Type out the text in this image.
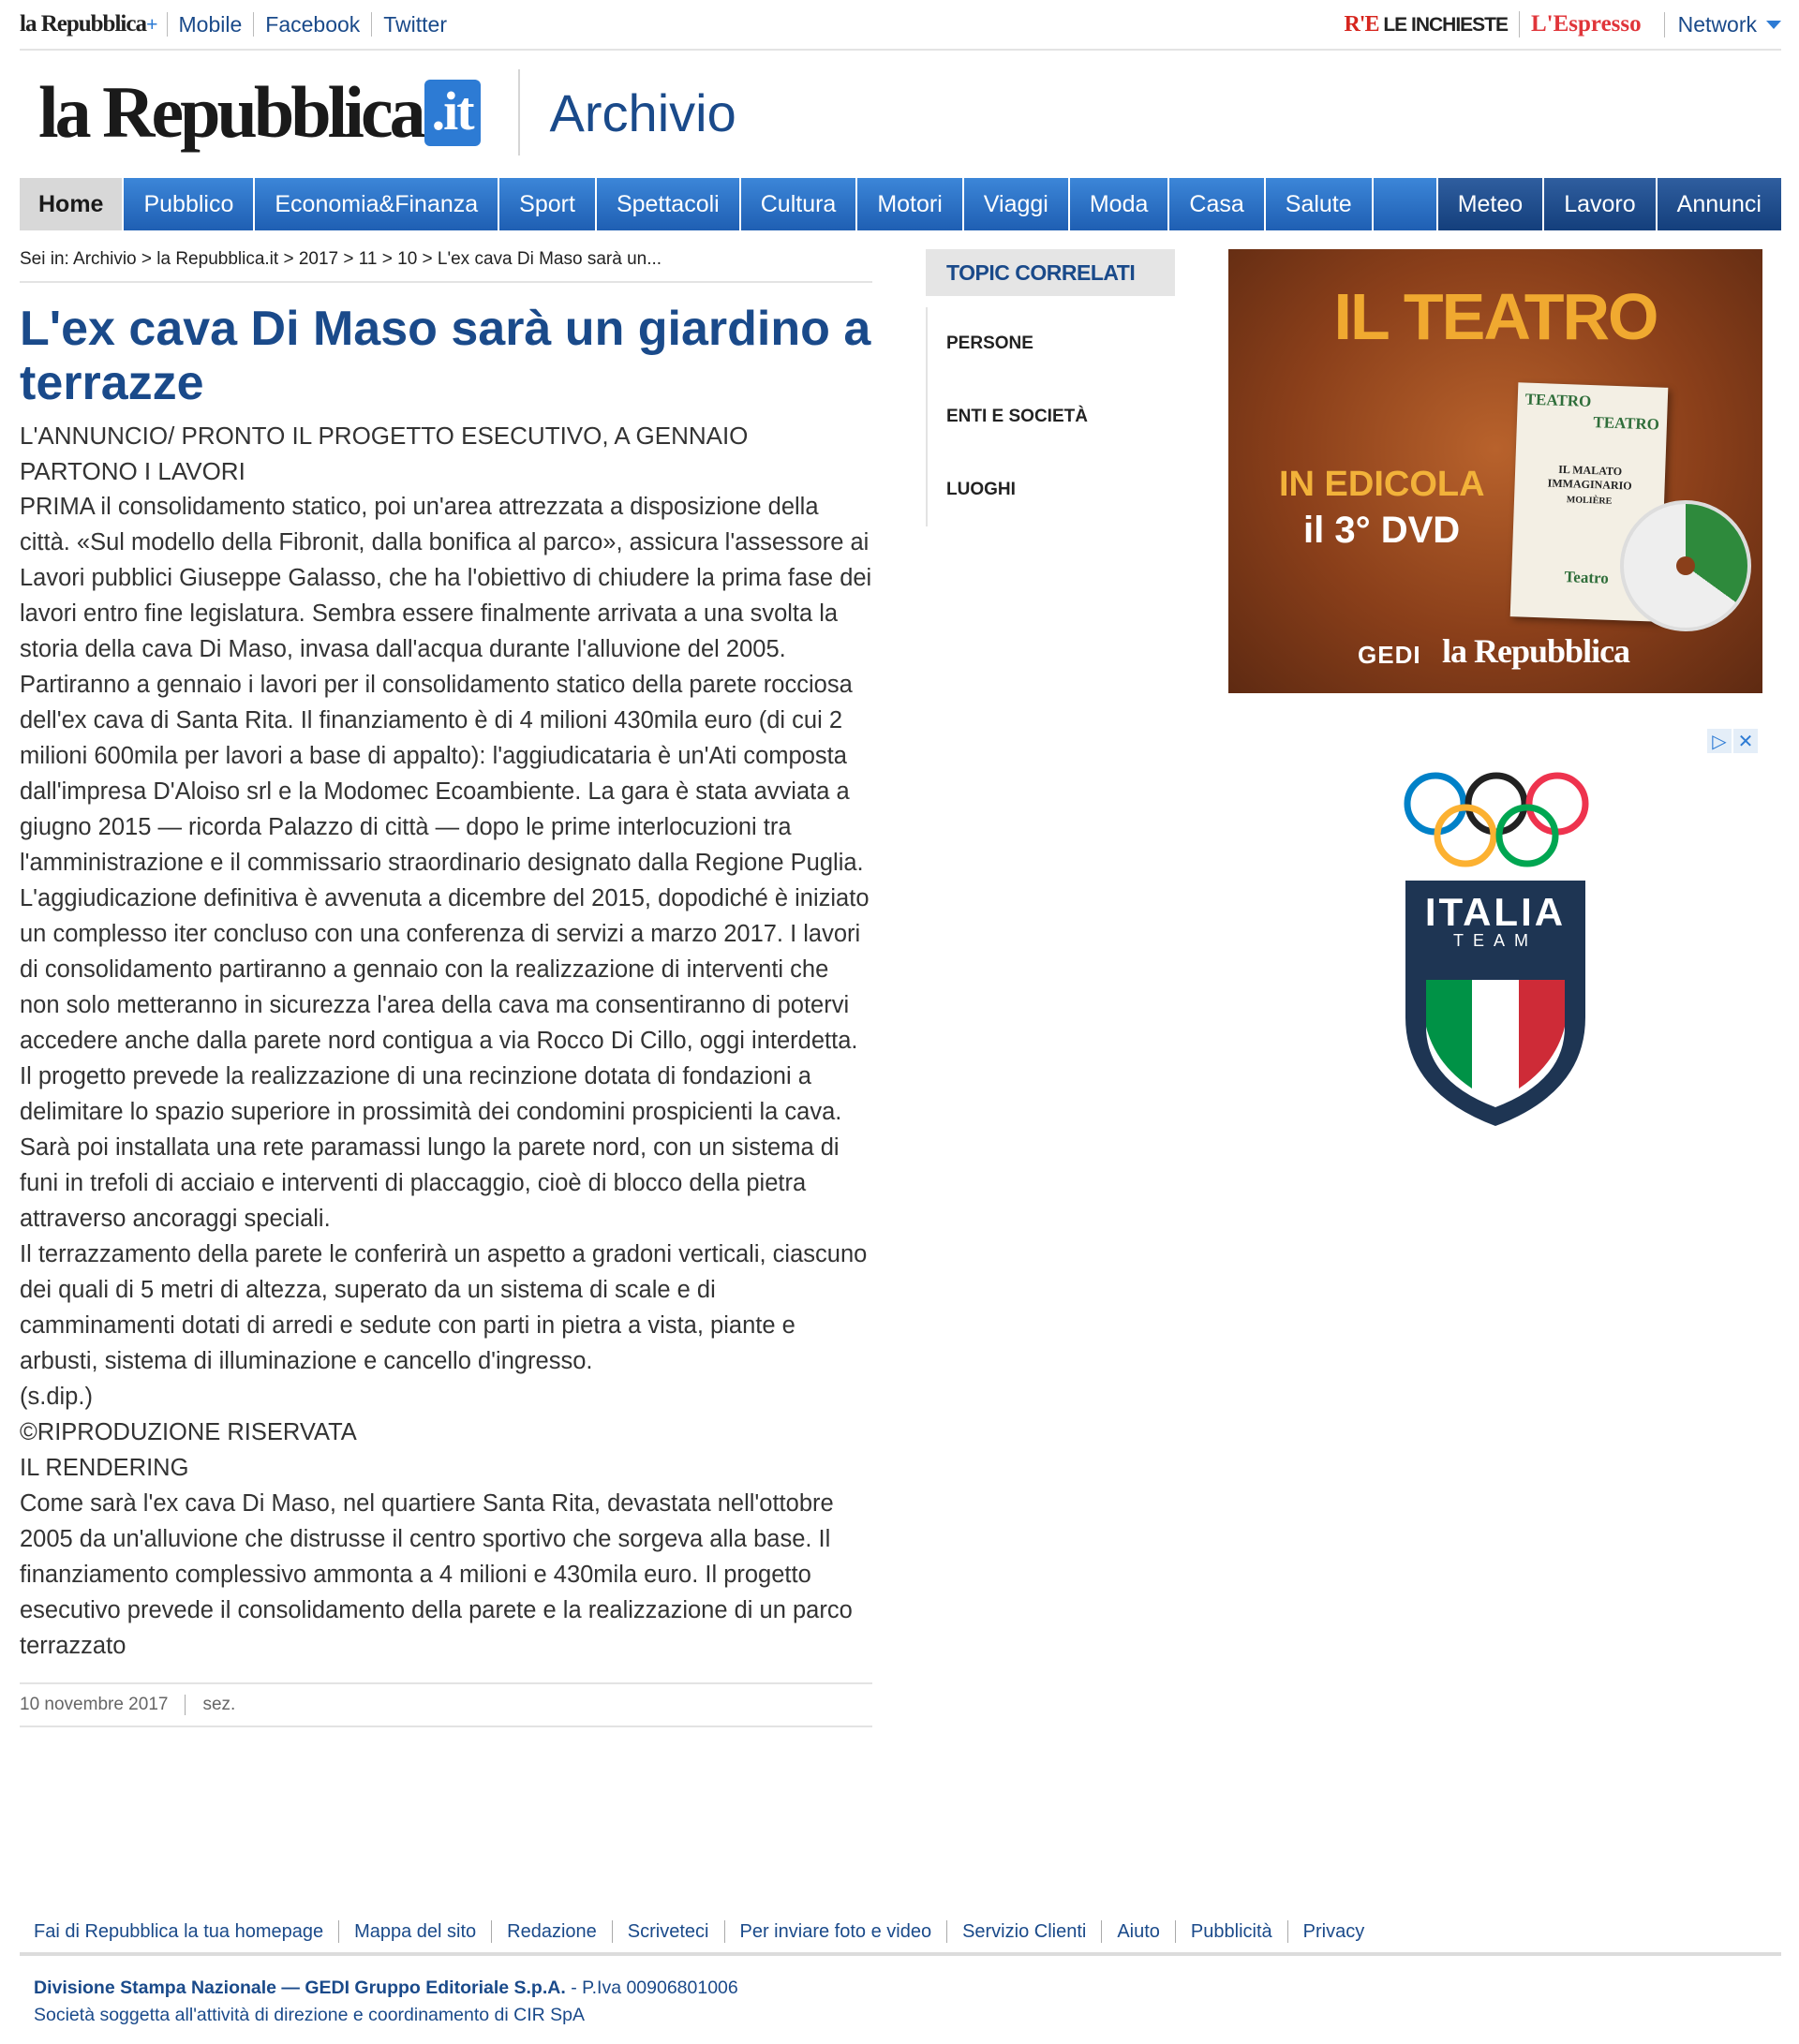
la Repubblica+	Mobile	Facebook	Twitter	R'E LE INCHIESTE	L'Espresso	Network
la Repubblica .it Archivio
Home	Pubblico	Economia&Finanza	Sport	Spettacoli	Cultura	Motori	Viaggi	Moda	Casa	Salute	Meteo	Lavoro	Annunci
Sei in: Archivio > la Repubblica.it > 2017 > 11 > 10 > L'ex cava Di Maso sarà un...
L'ex cava Di Maso sarà un giardino a terrazze
L'ANNUNCIO/ PRONTO IL PROGETTO ESECUTIVO, A GENNAIO PARTONO I LAVORI

PRIMA il consolidamento statico, poi un'area attrezzata a disposizione della città. «Sul modello della Fibronit, dalla bonifica al parco», assicura l'assessore ai Lavori pubblici Giuseppe Galasso, che ha l'obiettivo di chiudere la prima fase dei lavori entro fine legislatura. Sembra essere finalmente arrivata a una svolta la storia della cava Di Maso, invasa dall'acqua durante l'alluvione del 2005.

Partiranno a gennaio i lavori per il consolidamento statico della parete rocciosa dell'ex cava di Santa Rita. Il finanziamento è di 4 milioni 430mila euro (di cui 2 milioni 600mila per lavori a base di appalto): l'aggiudicataria è un'Ati composta dall'impresa D'Aloiso srl e la Modomec Ecoambiente. La gara è stata avviata a giugno 2015 — ricorda Palazzo di città — dopo le prime interlocuzioni tra l'amministrazione e il commissario straordinario designato dalla Regione Puglia. L'aggiudicazione definitiva è avvenuta a dicembre del 2015, dopodiché è iniziato un complesso iter concluso con una conferenza di servizi a marzo 2017. I lavori di consolidamento partiranno a gennaio con la realizzazione di interventi che non solo metteranno in sicurezza l'area della cava ma consentiranno di potervi accedere anche dalla parete nord contigua a via Rocco Di Cillo, oggi interdetta.

Il progetto prevede la realizzazione di una recinzione dotata di fondazioni a delimitare lo spazio superiore in prossimità dei condomini prospicienti la cava. Sarà poi installata una rete paramassi lungo la parete nord, con un sistema di funi in trefoli di acciaio e interventi di placcaggio, cioè di blocco della pietra attraverso ancoraggi speciali.

Il terrazzamento della parete le conferirà un aspetto a gradoni verticali, ciascuno dei quali di 5 metri di altezza, superato da un sistema di scale e di camminamenti dotati di arredi e sedute con parti in pietra a vista, piante e arbusti, sistema di illuminazione e cancello d'ingresso.

(s.dip.)

©RIPRODUZIONE RISERVATA

IL RENDERING

Come sarà l'ex cava Di Maso, nel quartiere Santa Rita, devastata nell'ottobre 2005 da un'alluvione che distrusse il centro sportivo che sorgeva alla base. Il finanziamento complessivo ammonta a 4 milioni e 430mila euro. Il progetto esecutivo prevede il consolidamento della parete e la realizzazione di un parco terrazzato

10 novembre 2017	sez.
TOPIC CORRELATI
PERSONE
ENTI E SOCIETÀ
LUOGHI
IL TEATRO
TEATRO
TEATRO
IL MALATO IMMAGINARIO
MOLIÈRE
Teatro
IN EDICOLA
il 3° DVD
GEDI la Repubblica
▷ ✕
ITALIA
TEAM
Fai di Repubblica la tua homepage	Mappa del sito	Redazione	Scriveteci	Per inviare foto e video	Servizio Clienti	Aiuto	Pubblicità	Privacy
Divisione Stampa Nazionale — GEDI Gruppo Editoriale S.p.A. - P.Iva 00906801006
Società soggetta all'attività di direzione e coordinamento di CIR SpA
